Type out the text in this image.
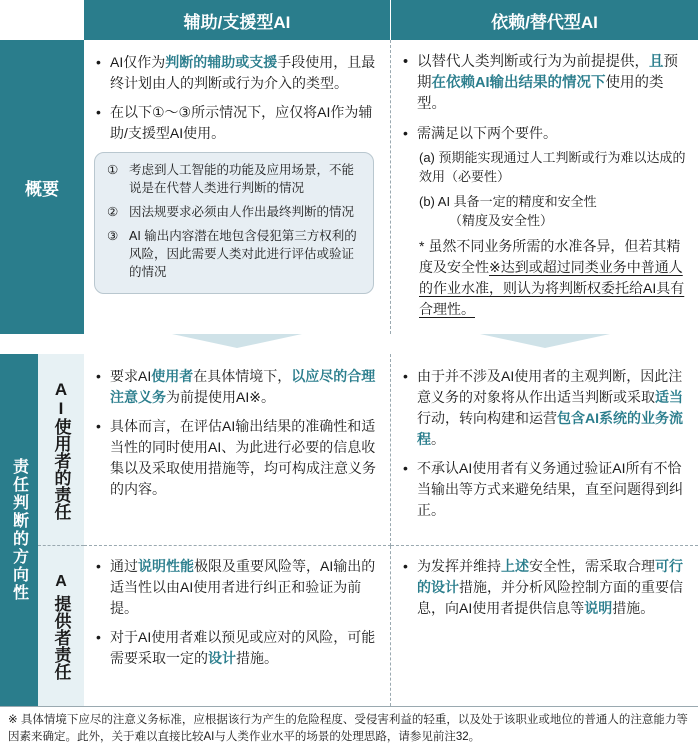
辅助/支援型AI	依赖/替代型AI
概要
• AI仅作为判断的辅助或支援手段使用，且最终计划由人的判断或行为介入的类型。
• 在以下①～③所示情况下，应仅将AI作为辅助/支援型AI使用。
① 考虑到人工智能的功能及应用场景，不能说是在代替人类进行判断的情况
② 因法规要求必须由人作出最终判断的情况
③ AI 输出内容潜在地包含侵犯第三方权利的风险，因此需要人类对此进行评估或验证的情况
• 以替代人类判断或行为为前提提供，且预期在依赖AI输出结果的情况下使用的类型。
• 需满足以下两个要件。
(a) 预期能实现通过人工判断或行为难以达成的效用（必要性）
(b) AI 具备一定的精度和安全性
（精度及安全性）
* 虽然不同业务所需的水准各异，但若其精度及安全性※达到或超过同类业务中普通人的作业水准，则认为将判断权委托给AI具有合理性。
责任判断的方向性
AI使用者的责任
A
提供者责任
• 要求AI使用者在具体情境下，以应尽的合理注意义务为前提使用AI※。
• 具体而言，在评估AI输出结果的准确性和适当性的同时使用AI、为此进行必要的信息收集以及采取使用措施等，均可构成注意义务的内容。
• 由于并不涉及AI使用者的主观判断，因此注意义务的对象将从作出适当判断或采取适当行动，转向构建和运营包含AI系统的业务流程。
• 不承认AI使用者有义务通过验证AI所有不恰当输出等方式来避免结果，直至问题得到纠正。
• 通过说明性能极限及重要风险等，AI输出的适当性以由AI使用者进行纠正和验证为前提。
• 对于AI使用者难以预见或应对的风险，可能需要采取一定的设计措施。
• 为发挥并维持上述安全性，需采取合理可行的设计措施，并分析风险控制方面的重要信息，向AI使用者提供信息等说明措施。
※ 具体情境下应尽的注意义务标准，应根据该行为产生的危险程度、受侵害利益的轻重，以及处于该职业或地位的普通人的注意能力等因素来确定。此外，关于难以直接比较AI与人类作业水平的场景的处理思路，请参见前注32。
